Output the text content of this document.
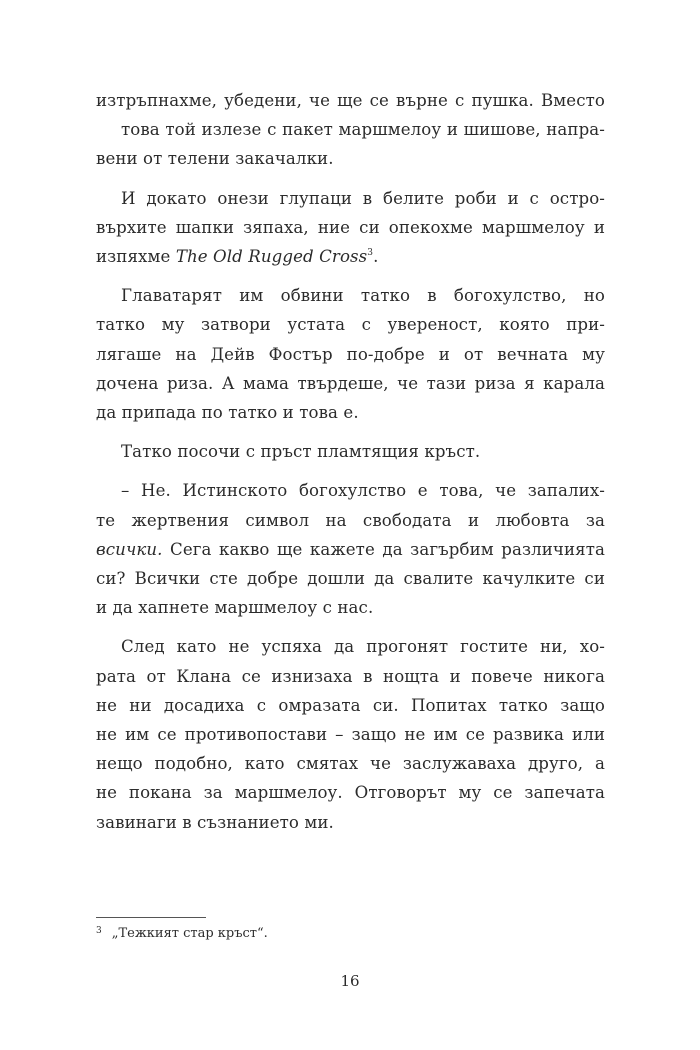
изтръпнахме, убедени, че ще се върне с пушка. Вместо
това той излезе с пакет маршмелоу и шишове, напра-
вени от телени закачалки.

И докато онези глупаци в белите роби и с остро-
върхите шапки зяпаха, ние си опекохме маршмелоу и
изпяхме The Old Rugged Cross$^3$.

Главатарят им обвини татко в богохулство, но
татко му затвори устата с увереност, която при-
лягаше на Дейв Фостър по-добре и от вечната му
дочена риза. А мама твърдеше, че тази риза я карала
да припада по татко и това е.

Татко посочи с пръст пламтящия кръст.

– Не. Истинското богохулство е това, че запалих-
те жертвения символ на свободата и любовта за
всички. Сега какво ще кажете да загърбим различията
си? Всички сте добре дошли да свалите качулките си
и да хапнете маршмелоу с нас.

След като не успяха да прогонят гостите ни, хо-
рата от Клана се изнизаха в нощта и повече никога
не ни досадиха с омразата си. Попитах татко защо
не им се противопостави – защо не им се развика или
нещо подобно, като смятах че заслужаваха друго, а
не покана за маршмелоу. Отговорът му се запечата
завинаги в съзнанието ми.

$^3$ „Тежкият стар кръст“.
16
